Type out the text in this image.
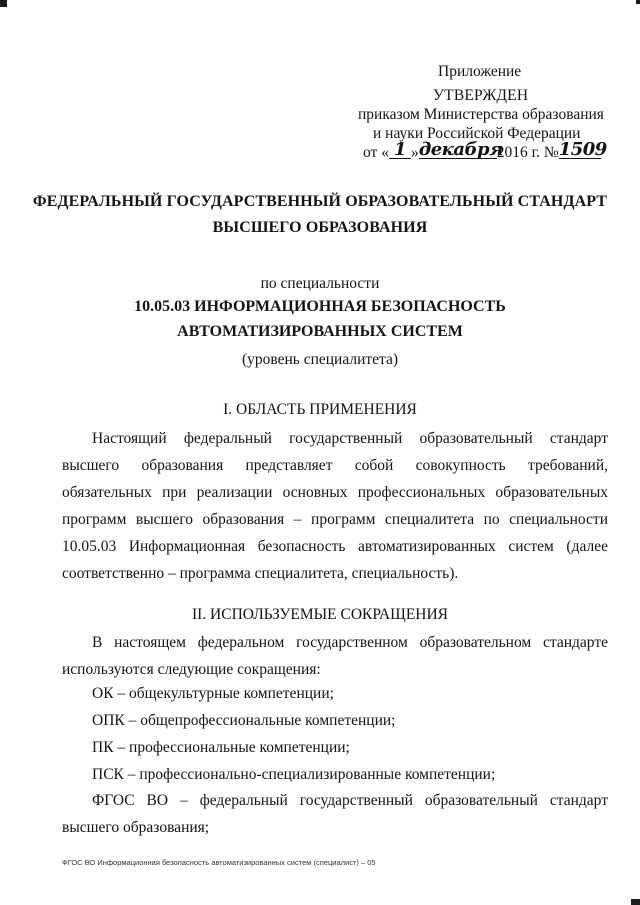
Приложение
УТВЕРЖДЕН
приказом Министерства образования
и науки Российской Федерации
от « 1 »декабря2016 г. №1509
ФЕДЕРАЛЬНЫЙ ГОСУДАРСТВЕННЫЙ ОБРАЗОВАТЕЛЬНЫЙ СТАНДАРТ
ВЫСШЕГО ОБРАЗОВАНИЯ
по специальности
10.05.03 ИНФОРМАЦИОННАЯ БЕЗОПАСНОСТЬ
АВТОМАТИЗИРОВАННЫХ СИСТЕМ
(уровень специалитета)
I. ОБЛАСТЬ ПРИМЕНЕНИЯ
Настоящий федеральный государственный образовательный стандарт высшего образования представляет собой совокупность требований, обязательных при реализации основных профессиональных образовательных программ высшего образования – программ специалитета по специальности 10.05.03 Информационная безопасность автоматизированных систем (далее соответственно – программа специалитета, специальность).
II. ИСПОЛЬЗУЕМЫЕ СОКРАЩЕНИЯ
В настоящем федеральном государственном образовательном стандарте используются следующие сокращения:
ОК – общекультурные компетенции;
ОПК – общепрофессиональные компетенции;
ПК – профессиональные компетенции;
ПСК – профессионально-специализированные компетенции;
ФГОС ВО – федеральный государственный образовательный стандарт высшего образования;
ФГОС ВО Информационная безопасность автоматизированных систем (специалист) – 05
